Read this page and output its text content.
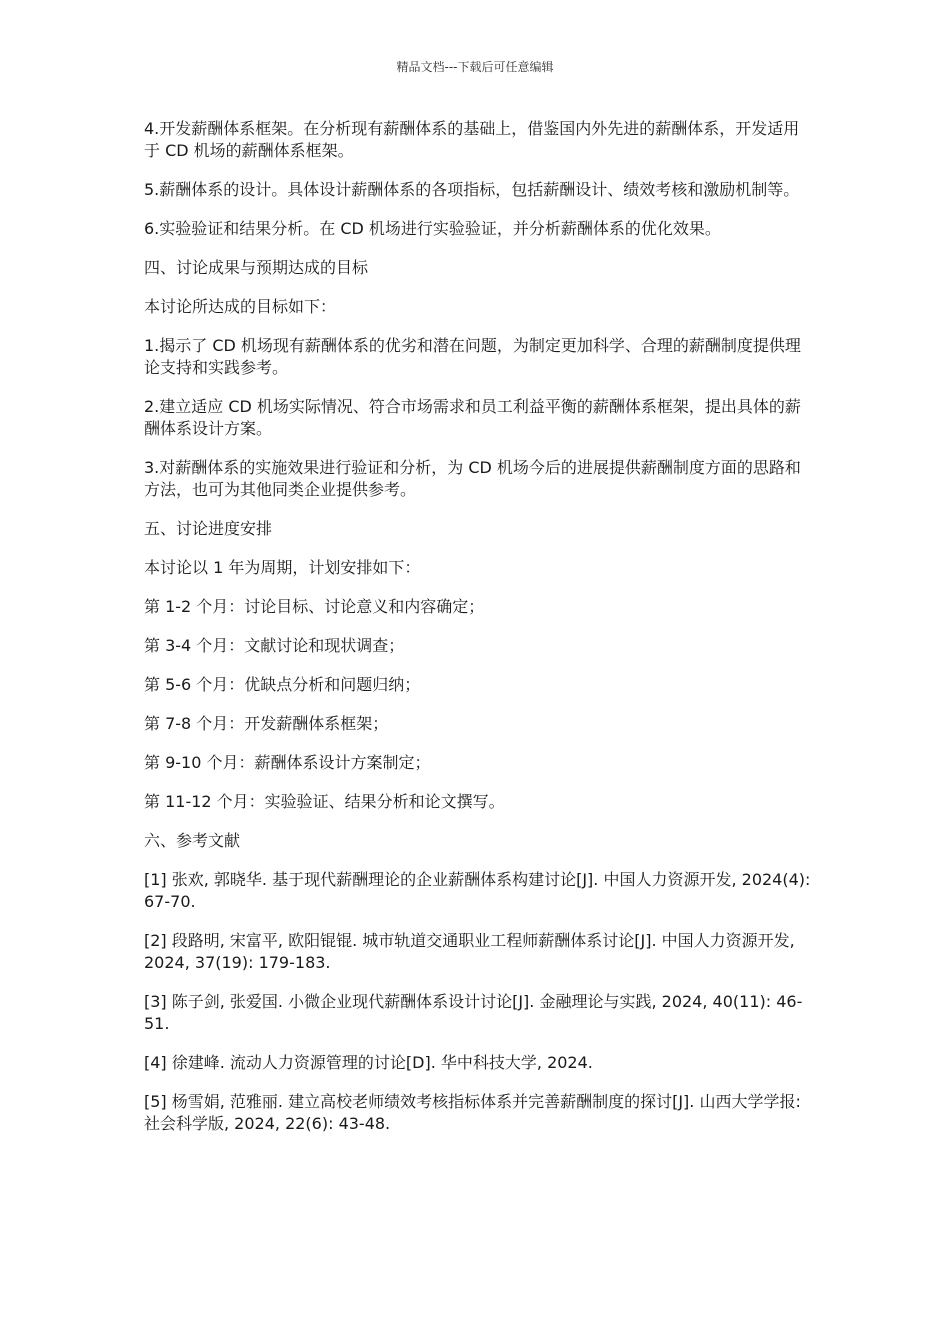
精品文档---下载后可任意编辑

4.开发薪酬体系框架。在分析现有薪酬体系的基础上，借鉴国内外先进的薪酬体系，开发适用于 CD 机场的薪酬体系框架。

5.薪酬体系的设计。具体设计薪酬体系的各项指标，包括薪酬设计、绩效考核和激励机制等。

6.实验验证和结果分析。在 CD 机场进行实验验证，并分析薪酬体系的优化效果。

四、讨论成果与预期达成的目标

本讨论所达成的目标如下：

1.揭示了 CD 机场现有薪酬体系的优劣和潜在问题，为制定更加科学、合理的薪酬制度提供理论支持和实践参考。

2.建立适应 CD 机场实际情况、符合市场需求和员工利益平衡的薪酬体系框架，提出具体的薪酬体系设计方案。

3.对薪酬体系的实施效果进行验证和分析，为 CD 机场今后的进展提供薪酬制度方面的思路和方法，也可为其他同类企业提供参考。

五、讨论进度安排

本讨论以 1 年为周期，计划安排如下：

第 1-2 个月：讨论目标、讨论意义和内容确定；

第 3-4 个月：文献讨论和现状调查；

第 5-6 个月：优缺点分析和问题归纳；

第 7-8 个月：开发薪酬体系框架；

第 9-10 个月：薪酬体系设计方案制定；

第 11-12 个月：实验验证、结果分析和论文撰写。

六、参考文献

[1] 张欢, 郭晓华. 基于现代薪酬理论的企业薪酬体系构建讨论[J]. 中国人力资源开发, 2024(4): 67-70.

[2] 段路明, 宋富平, 欧阳锟锟. 城市轨道交通职业工程师薪酬体系讨论[J]. 中国人力资源开发, 2024, 37(19): 179-183.

[3] 陈子剑, 张爱国. 小微企业现代薪酬体系设计讨论[J]. 金融理论与实践, 2024, 40(11): 46-51.

[4] 徐建峰. 流动人力资源管理的讨论[D]. 华中科技大学, 2024.

[5] 杨雪娟, 范雅丽. 建立高校老师绩效考核指标体系并完善薪酬制度的探讨[J]. 山西大学学报: 社会科学版, 2024, 22(6): 43-48.
